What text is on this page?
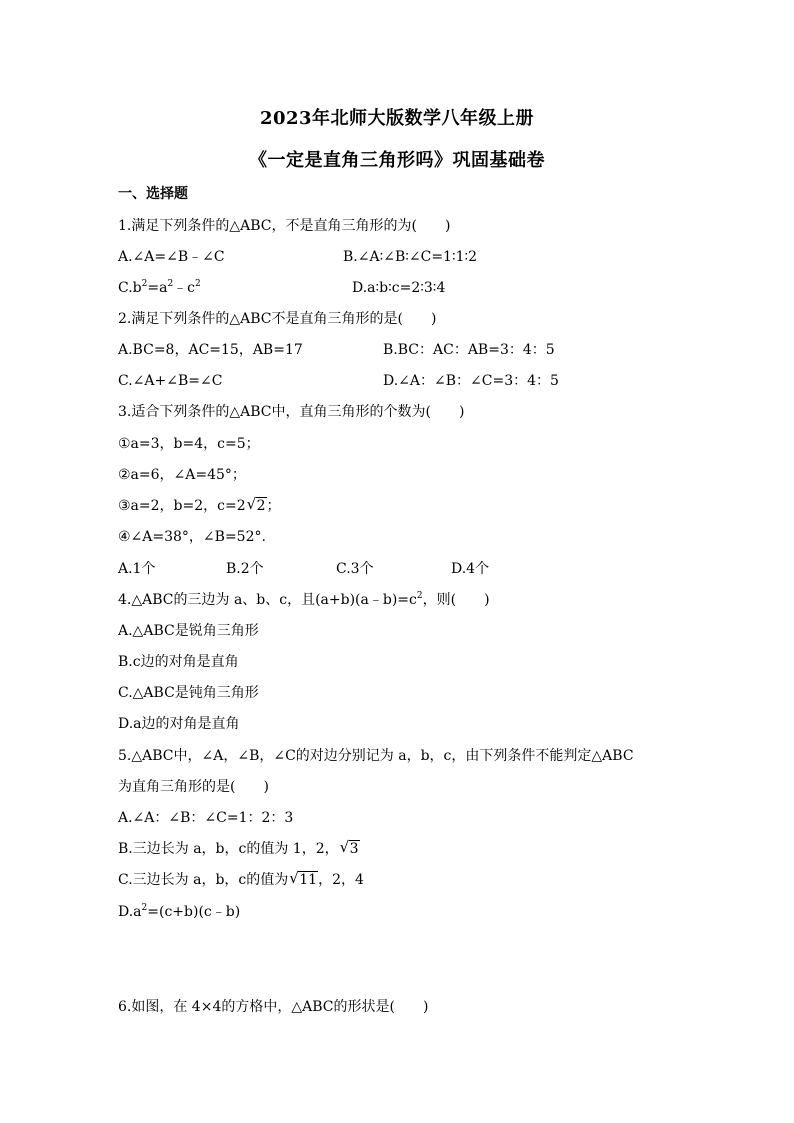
2023年北师大版数学八年级上册
《一定是直角三角形吗》巩固基础卷
一、选择题
1.满足下列条件的△ABC，不是直角三角形的为(　　)
A.∠A=∠B﹣∠C	B.∠A∶∠B∶∠C=1∶1∶2
$C.b^2=a^2﹣c^2$	D.a∶b∶c=2∶3∶4
2.满足下列条件的△ABC不是直角三角形的是(　　)
A.BC=8，AC=15，AB=17	B.BC：AC：AB=3：4：5
C.∠A+∠B=∠C	D.∠A：∠B：∠C=3：4：5
3.适合下列条件的△ABC中，直角三角形的个数为(　　)
①a=3，b=4，c=5；
②a=6，∠A=45°；
③a=2，b=2，c=2 √ 2；
④∠A=38°，∠B=52°.
A.1个	B.2个	C.3个	D.4个
4.△ABC的三边为 a、b、c，且$(a+b)(a﹣b)=c^2$，则(　　)
A.△ABC是锐角三角形
B.c边的对角是直角
C.△ABC是钝角三角形
D.a边的对角是直角
5.△ABC中，∠A，∠B，∠C的对边分别记为 a，b，c，由下列条件不能判定△ABC
为直角三角形的是(　　)
A.∠A：∠B：∠C=1：2：3
B.三边长为 a，b，c的值为 1，2， √ 3
C.三边长为 a，b，c的值为 √ 11，2，4
$D.a^2=(c+b)(c﹣b)$
6.如图，在 4×4的方格中，△ABC的形状是(　　)
